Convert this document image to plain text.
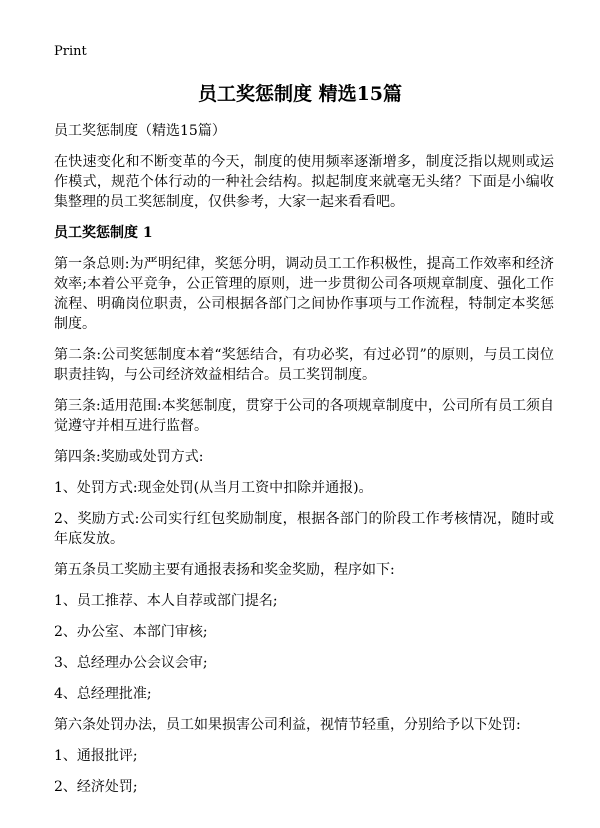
Print
员工奖惩制度 精选15篇

员工奖惩制度（精选15篇）

在快速变化和不断变革的今天，制度的使用频率逐渐增多，制度泛指以规则或运作模式，规范个体行动的一种社会结构。拟起制度来就毫无头绪？下面是小编收集整理的员工奖惩制度，仅供参考，大家一起来看看吧。

员工奖惩制度 1

第一条总则:为严明纪律，奖惩分明，调动员工工作积极性，提高工作效率和经济效率;本着公平竞争，公正管理的原则，进一步贯彻公司各项规章制度、强化工作流程、明确岗位职责，公司根据各部门之间协作事项与工作流程，特制定本奖惩制度。

第二条:公司奖惩制度本着“奖惩结合，有功必奖，有过必罚”的原则，与员工岗位职责挂钩，与公司经济效益相结合。员工奖罚制度。

第三条:适用范围:本奖惩制度，贯穿于公司的各项规章制度中，公司所有员工须自觉遵守并相互进行监督。

第四条:奖励或处罚方式:

1、处罚方式:现金处罚(从当月工资中扣除并通报)。

2、奖励方式:公司实行红包奖励制度，根据各部门的阶段工作考核情况，随时或年底发放。

第五条员工奖励主要有通报表扬和奖金奖励，程序如下:

1、员工推荐、本人自荐或部门提名;

2、办公室、本部门审核;

3、总经理办公会议会审;

4、总经理批准;

第六条处罚办法，员工如果损害公司利益，视情节轻重，分别给予以下处罚:

1、通报批评;

2、经济处罚;
